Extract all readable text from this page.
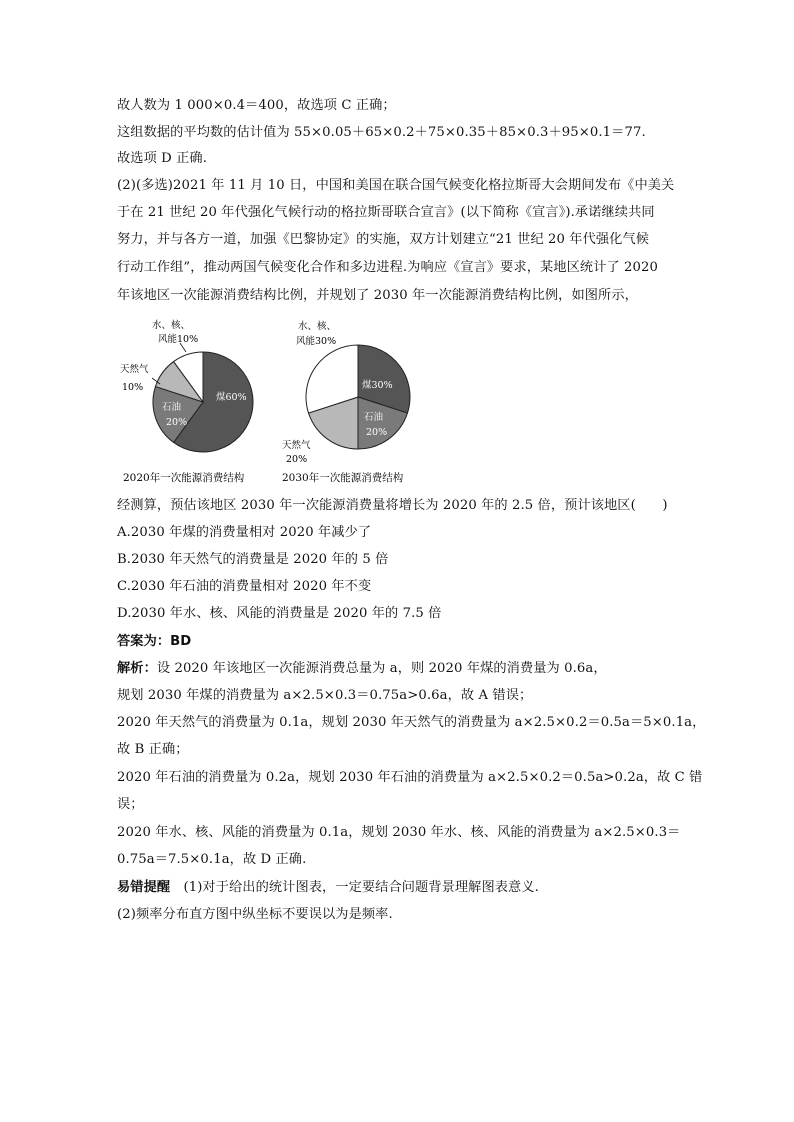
故人数为 1 000×0.4＝400，故选项 C 正确；
这组数据的平均数的估计值为 55×0.05＋65×0.2＋75×0.35＋85×0.3＋95×0.1＝77.
故选项 D 正确.
(2)(多选)2021 年 11 月 10 日，中国和美国在联合国气候变化格拉斯哥大会期间发布《中美关
于在 21 世纪 20 年代强化气候行动的格拉斯哥联合宣言》(以下简称《宣言》).承诺继续共同
努力，并与各方一道，加强《巴黎协定》的实施，双方计划建立“21 世纪 20 年代强化气候
行动工作组”，推动两国气候变化合作和多边进程.为响应《宣言》要求，某地区统计了 2020
年该地区一次能源消费结构比例，并规划了 2030 年一次能源消费结构比例，如图所示，
水、核、
风能10%
天然气
10%
石油
20%
煤60%
水、核、
风能30%
煤30%
石油
20%
天然气
20%
2020年一次能源消费结构	2030年一次能源消费结构
经测算，预估该地区 2030 年一次能源消费量将增长为 2020 年的 2.5 倍，预计该地区(　　)
A.2030 年煤的消费量相对 2020 年减少了
B.2030 年天然气的消费量是 2020 年的 5 倍
C.2030 年石油的消费量相对 2020 年不变
D.2030 年水、核、风能的消费量是 2020 年的 7.5 倍
答案为：BD
解析：设 2020 年该地区一次能源消费总量为 a，则 2020 年煤的消费量为 0.6a，
规划 2030 年煤的消费量为 a×2.5×0.3＝0.75a>0.6a，故 A 错误；
2020 年天然气的消费量为 0.1a，规划 2030 年天然气的消费量为 a×2.5×0.2＝0.5a＝5×0.1a，
故 B 正确；
2020 年石油的消费量为 0.2a，规划 2030 年石油的消费量为 a×2.5×0.2＝0.5a>0.2a，故 C 错
误；
2020 年水、核、风能的消费量为 0.1a，规划 2030 年水、核、风能的消费量为 a×2.5×0.3＝
0.75a＝7.5×0.1a，故 D 正确.
易错提醒  (1)对于给出的统计图表，一定要结合问题背景理解图表意义.
(2)频率分布直方图中纵坐标不要误以为是频率.
